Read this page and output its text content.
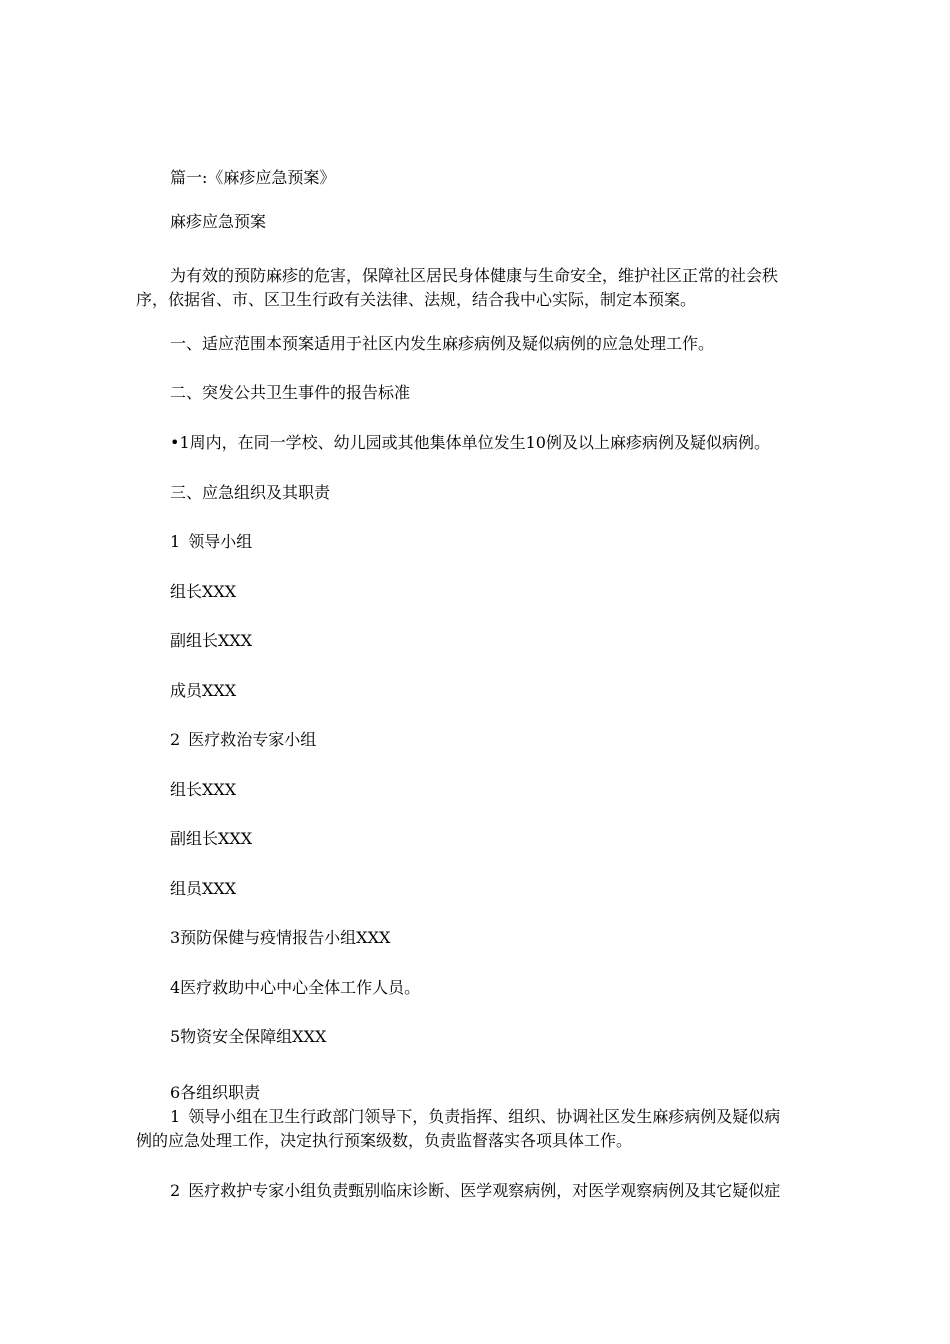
篇一:《麻疹应急预案》
麻疹应急预案
为有效的预防麻疹的危害，保障社区居民身体健康与生命安全，维护社区正常的社会秩
序，依据省、市、区卫生行政有关法律、法规，结合我中心实际，制定本预案。
一、适应范围本预案适用于社区内发生麻疹病例及疑似病例的应急处理工作。
二、突发公共卫生事件的报告标准
•1周内，在同一学校、幼儿园或其他集体单位发生10例及以上麻疹病例及疑似病例。
三、应急组织及其职责
1 领导小组
组长XXX
副组长XXX
成员XXX
2 医疗救治专家小组
组长XXX
副组长XXX
组员XXX
3预防保健与疫情报告小组XXX
4医疗救助中心中心全体工作人员。
5物资安全保障组XXX
6各组织职责
1 领导小组在卫生行政部门领导下，负责指挥、组织、协调社区发生麻疹病例及疑似病
例的应急处理工作，决定执行预案级数，负责监督落实各项具体工作。
2 医疗救护专家小组负责甄别临床诊断、医学观察病例，对医学观察病例及其它疑似症
